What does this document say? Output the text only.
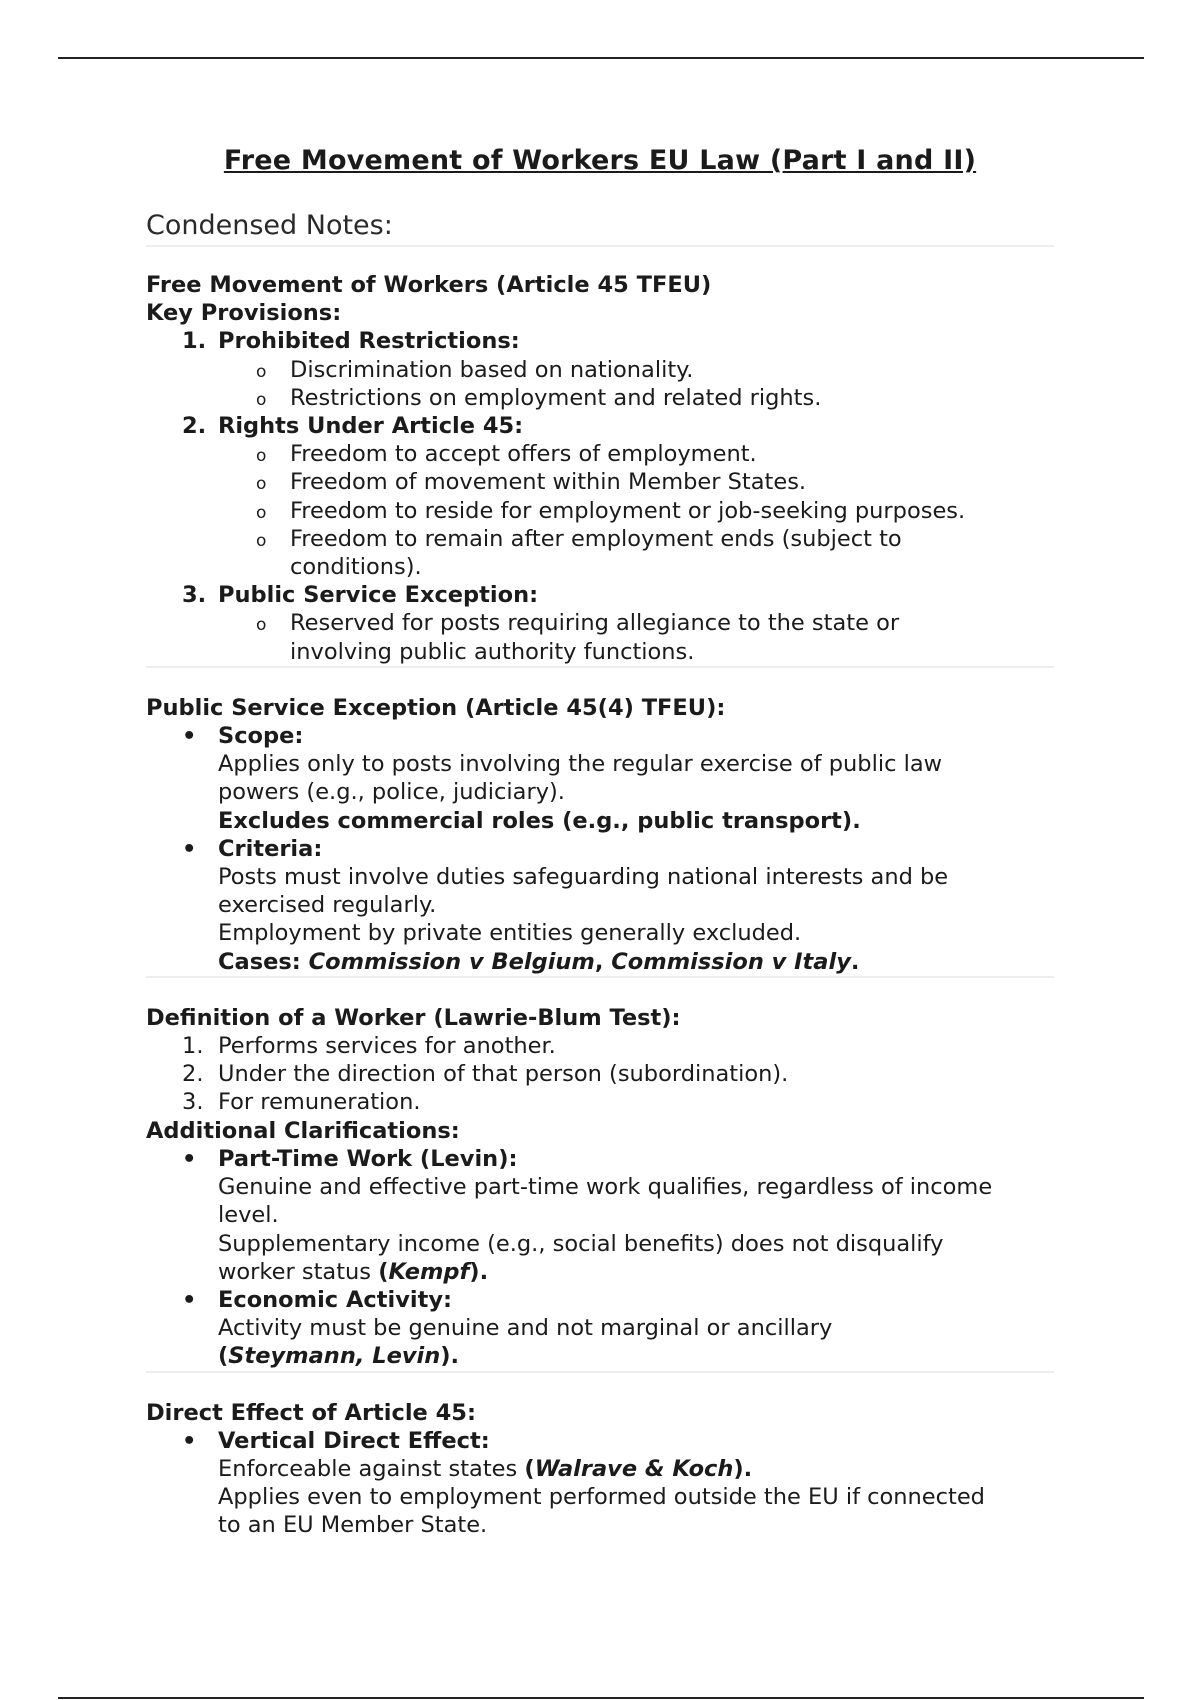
Free Movement of Workers EU Law (Part I and II)
Condensed Notes:

Free Movement of Workers (Article 45 TFEU)

Key Provisions:

1. Prohibited Restrictions:
o Discrimination based on nationality.
o Restrictions on employment and related rights.
2. Rights Under Article 45:
o Freedom to accept offers of employment.
o Freedom of movement within Member States.
o Freedom to reside for employment or job-seeking purposes.
o Freedom to remain after employment ends (subject to
conditions).
3. Public Service Exception:
o Reserved for posts requiring allegiance to the state or
involving public authority functions.

Public Service Exception (Article 45(4) TFEU):

• Scope:

Applies only to posts involving the regular exercise of public law

powers (e.g., police, judiciary).

Excludes commercial roles (e.g., public transport).

• Criteria:

Posts must involve duties safeguarding national interests and be

exercised regularly.

Employment by private entities generally excluded.

Cases: Commission v Belgium, Commission v Italy.

Definition of a Worker (Lawrie-Blum Test):

1. Performs services for another.
2. Under the direction of that person (subordination).
3. For remuneration.

Additional Clarifications:

• Part-Time Work (Levin):

Genuine and effective part-time work qualifies, regardless of income

level.

Supplementary income (e.g., social benefits) does not disqualify

worker status (Kempf).

• Economic Activity:

Activity must be genuine and not marginal or ancillary

(Steymann, Levin).

Direct Effect of Article 45:

• Vertical Direct Effect:

Enforceable against states (Walrave & Koch).

Applies even to employment performed outside the EU if connected

to an EU Member State.
